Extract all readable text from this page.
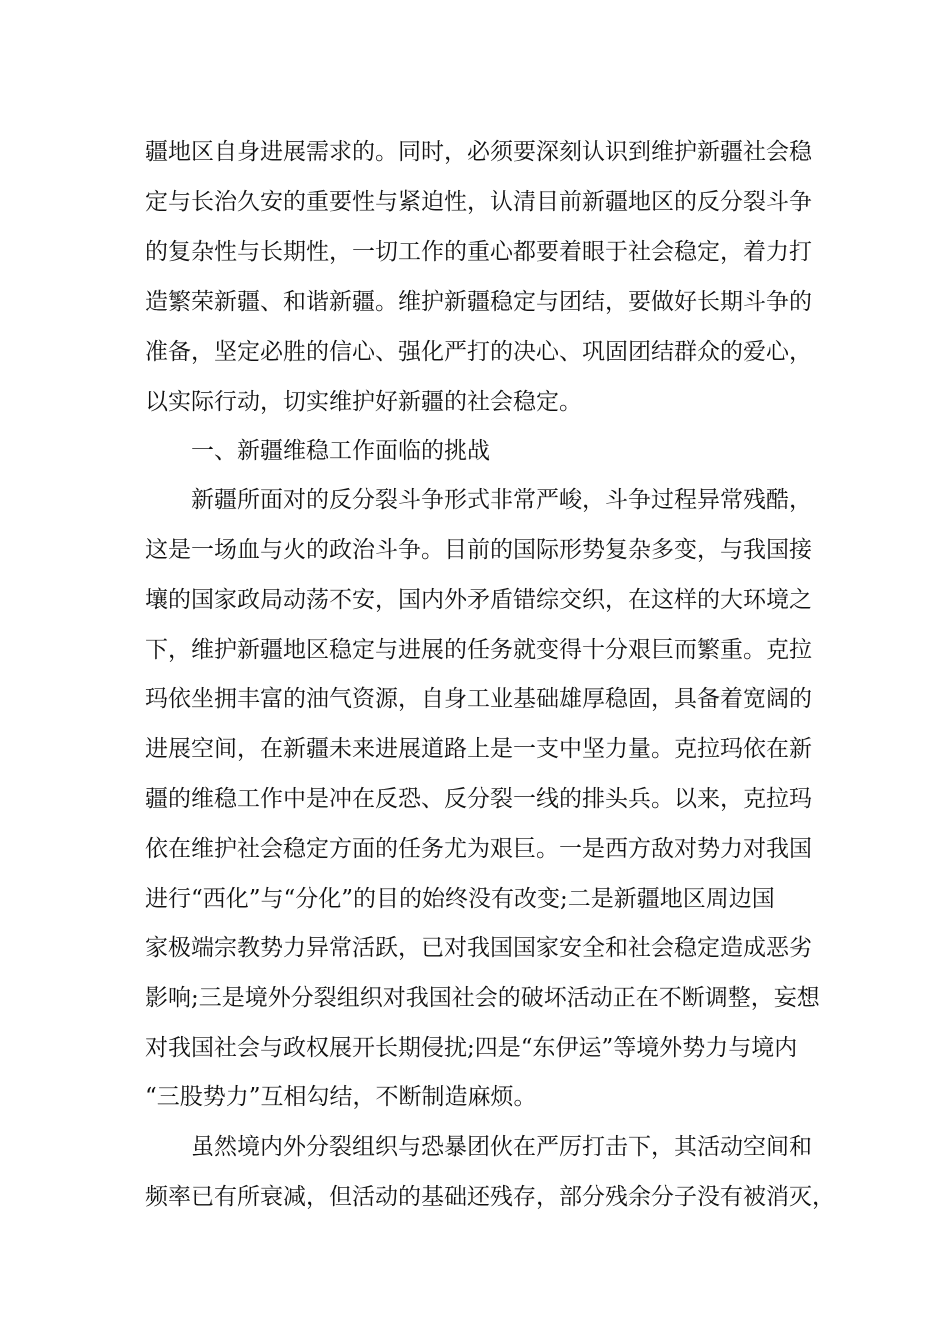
疆地区自身进展需求的。同时，必须要深刻认识到维护新疆社会稳
定与长治久安的重要性与紧迫性，认清目前新疆地区的反分裂斗争
的复杂性与长期性，一切工作的重心都要着眼于社会稳定，着力打
造繁荣新疆、和谐新疆。维护新疆稳定与团结，要做好长期斗争的
准备，坚定必胜的信心、强化严打的决心、巩固团结群众的爱心，
以实际行动，切实维护好新疆的社会稳定。
一、新疆维稳工作面临的挑战
新疆所面对的反分裂斗争形式非常严峻，斗争过程异常残酷，
这是一场血与火的政治斗争。目前的国际形势复杂多变，与我国接
壤的国家政局动荡不安，国内外矛盾错综交织，在这样的大环境之
下，维护新疆地区稳定与进展的任务就变得十分艰巨而繁重。克拉
玛依坐拥丰富的油气资源，自身工业基础雄厚稳固，具备着宽阔的
进展空间，在新疆未来进展道路上是一支中坚力量。克拉玛依在新
疆的维稳工作中是冲在反恐、反分裂一线的排头兵。以来，克拉玛
依在维护社会稳定方面的任务尤为艰巨。一是西方敌对势力对我国
进行“西化”与“分化”的目的始终没有改变;二是新疆地区周边国
家极端宗教势力异常活跃，已对我国国家安全和社会稳定造成恶劣
影响;三是境外分裂组织对我国社会的破坏活动正在不断调整，妄想
对我国社会与政权展开长期侵扰;四是“东伊运”等境外势力与境内
“三股势力”互相勾结，不断制造麻烦。
虽然境内外分裂组织与恐暴团伙在严厉打击下，其活动空间和
频率已有所衰减，但活动的基础还残存，部分残余分子没有被消灭，
